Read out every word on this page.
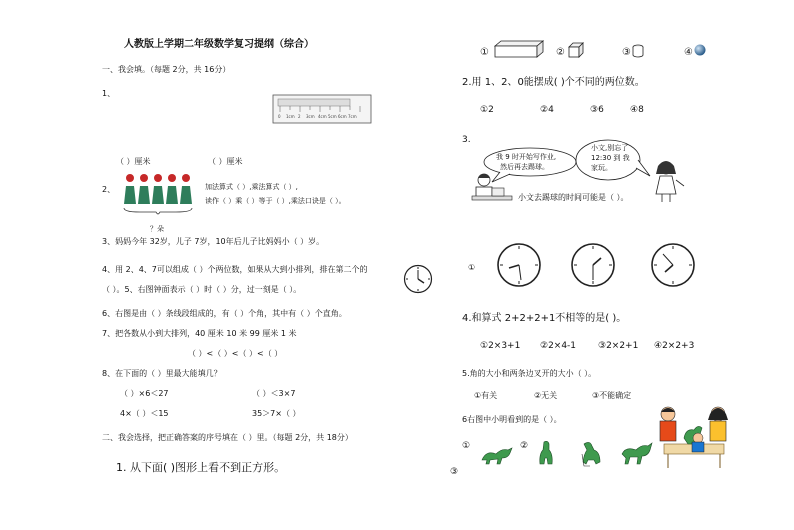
人教版上学期二年级数学复习提纲（综合）
一、我会填。（每题 2分，共 16分）
1、
0 1cm 2 3cm 4cm 5cm 6cm 7cm
（ ）厘米	（ ）厘米
2、	加法算式（ ）,乘法算式（ ）,
读作（ ）乘（ ）等于（ ）,乘法口诀是（ ）。
？朵
3、妈妈今年 32岁，儿子 7岁，10年后儿子比妈妈小（ ）岁。
4、用 2、4、7可以组成（ ）个两位数，如果从大到小排列，排在第二个的
（ ）。5、右图钟面表示（ ）时（ ）分，过一刻是（ ）。
6、右图是由（ ）条线段组成的，有（ ）个角，其中有（ ）个直角。
7、把各数从小到大排列，40 厘米 10 米 99 厘米 1 米
（ ）<（ ）<（ ）<（ ）
8、在下面的（ ）里最大能填几？
（ ）×6＜27	（ ）＜3×7
4×（ ）＜15	35＞7×（ ）
二、我会选择，把正确答案的序号填在（ ）里。（每题 2分，共 18分）
1. 从下面( )图形上看不到正方形。
①	②	③	④
2.用 1、2、0能摆成( )个不同的两位数。
①2	②4	③6	④8
3.
我 9 时开始写作业,
然后再去踢球。
小文,别忘了
12:30 到 我
家玩。
小文去踢球的时间可能是（ ）。
①
4.和算式 2+2+2+1不相等的是( )。
①2×3+1 ②2×4-1 ③2×2+1 ④2×2+3
5.角的大小和两条边叉开的大小（ ）。
①有关	②无关	③不能确定
6右图中小明看到的是（ ）。
①	②
③
